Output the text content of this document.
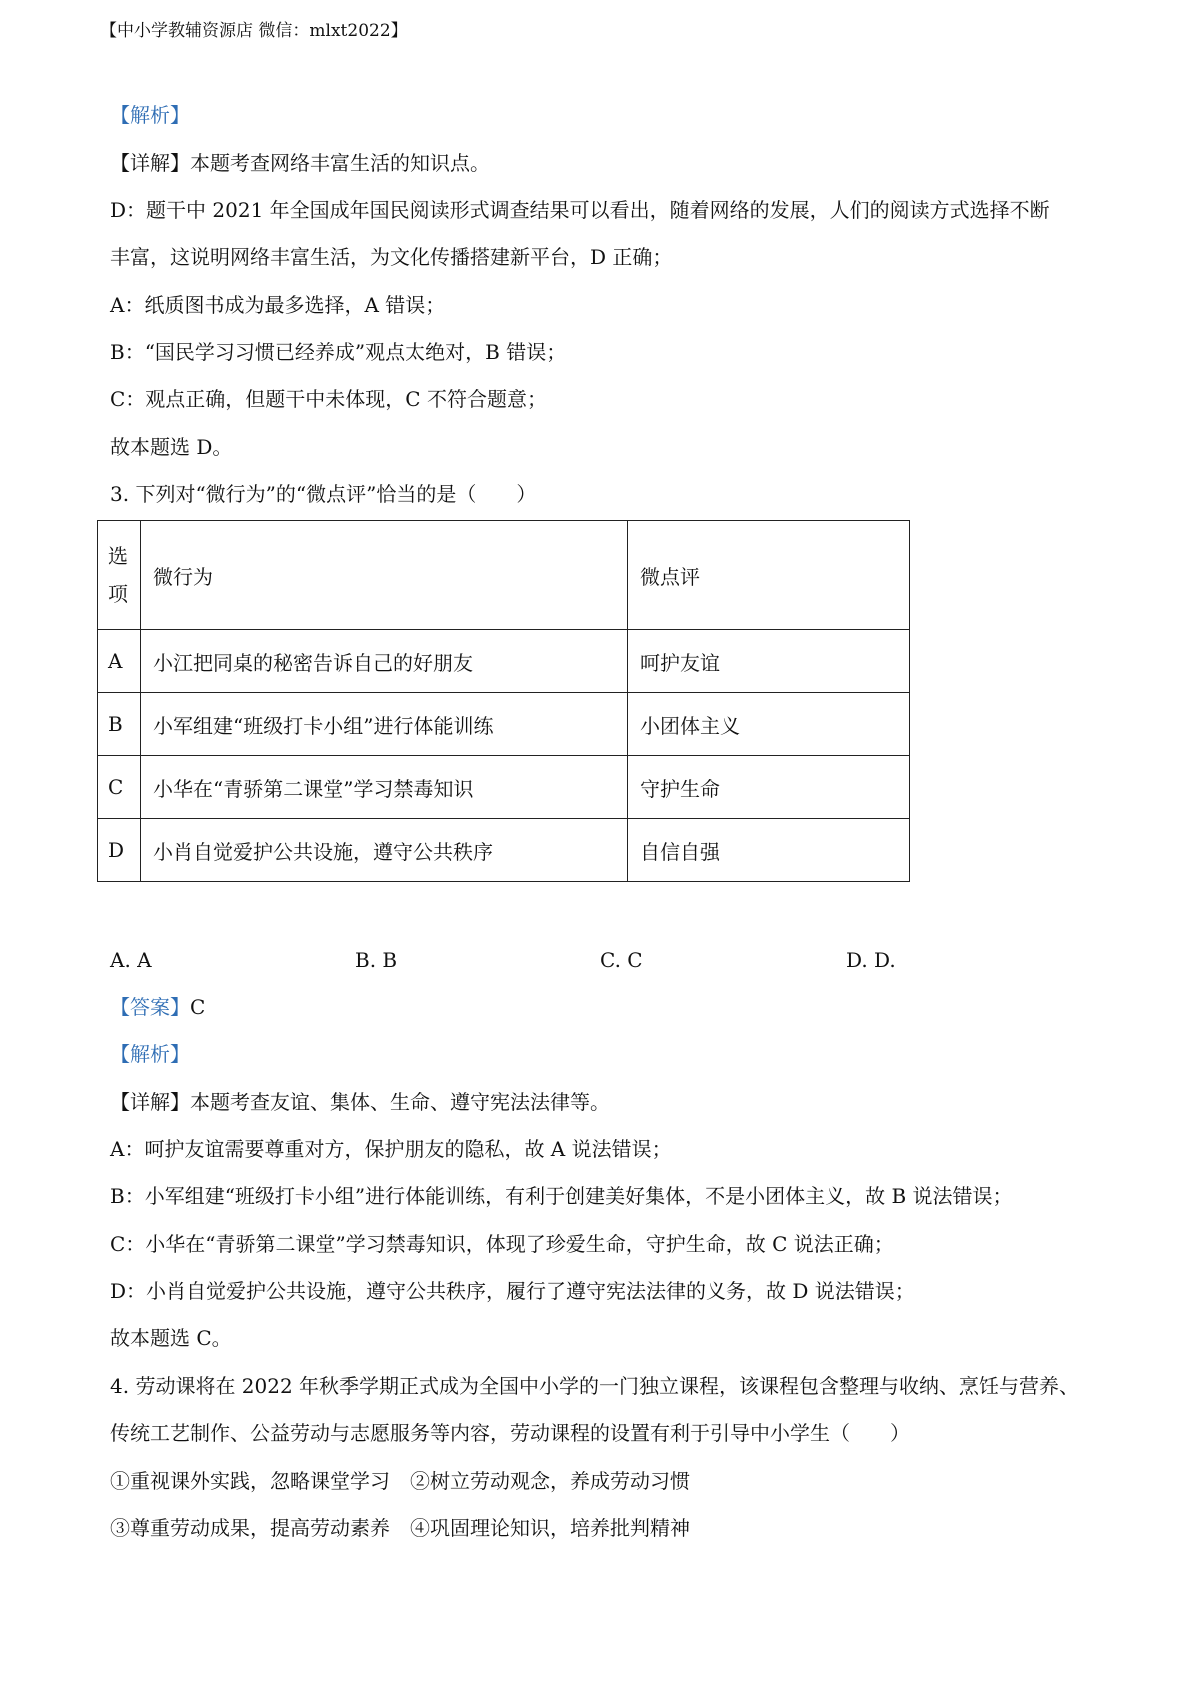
【中小学教辅资源店 微信：mlxt2022】
【解析】
【详解】本题考查网络丰富生活的知识点。
D：题干中 2021 年全国成年国民阅读形式调查结果可以看出，随着网络的发展，人们的阅读方式选择不断
丰富，这说明网络丰富生活，为文化传播搭建新平台，D 正确；
A：纸质图书成为最多选择，A 错误；
B：“国民学习习惯已经养成”观点太绝对，B 错误；
C：观点正确，但题干中未体现，C 不符合题意；
故本题选 D。
3. 下列对“微行为”的“微点评”恰当的是（　　）
选
项	微行为	微点评
A	小江把同桌的秘密告诉自己的好朋友	呵护友谊
B	小军组建“班级打卡小组”进行体能训练	小团体主义
C	小华在“青骄第二课堂”学习禁毒知识	守护生命
D	小肖自觉爱护公共设施，遵守公共秩序	自信自强
A. A	B. B	C. C	D. D.
【答案】C
【解析】
【详解】本题考查友谊、集体、生命、遵守宪法法律等。
A：呵护友谊需要尊重对方，保护朋友的隐私，故 A 说法错误；
B：小军组建“班级打卡小组”进行体能训练，有利于创建美好集体，不是小团体主义，故 B 说法错误；
C：小华在“青骄第二课堂”学习禁毒知识，体现了珍爱生命，守护生命，故 C 说法正确；
D：小肖自觉爱护公共设施，遵守公共秩序，履行了遵守宪法法律的义务，故 D 说法错误；
故本题选 C。
4. 劳动课将在 2022 年秋季学期正式成为全国中小学的一门独立课程，该课程包含整理与收纳、烹饪与营养、
传统工艺制作、公益劳动与志愿服务等内容，劳动课程的设置有利于引导中小学生（　　）
①重视课外实践，忽略课堂学习　②树立劳动观念，养成劳动习惯
③尊重劳动成果，提高劳动素养　④巩固理论知识，培养批判精神
